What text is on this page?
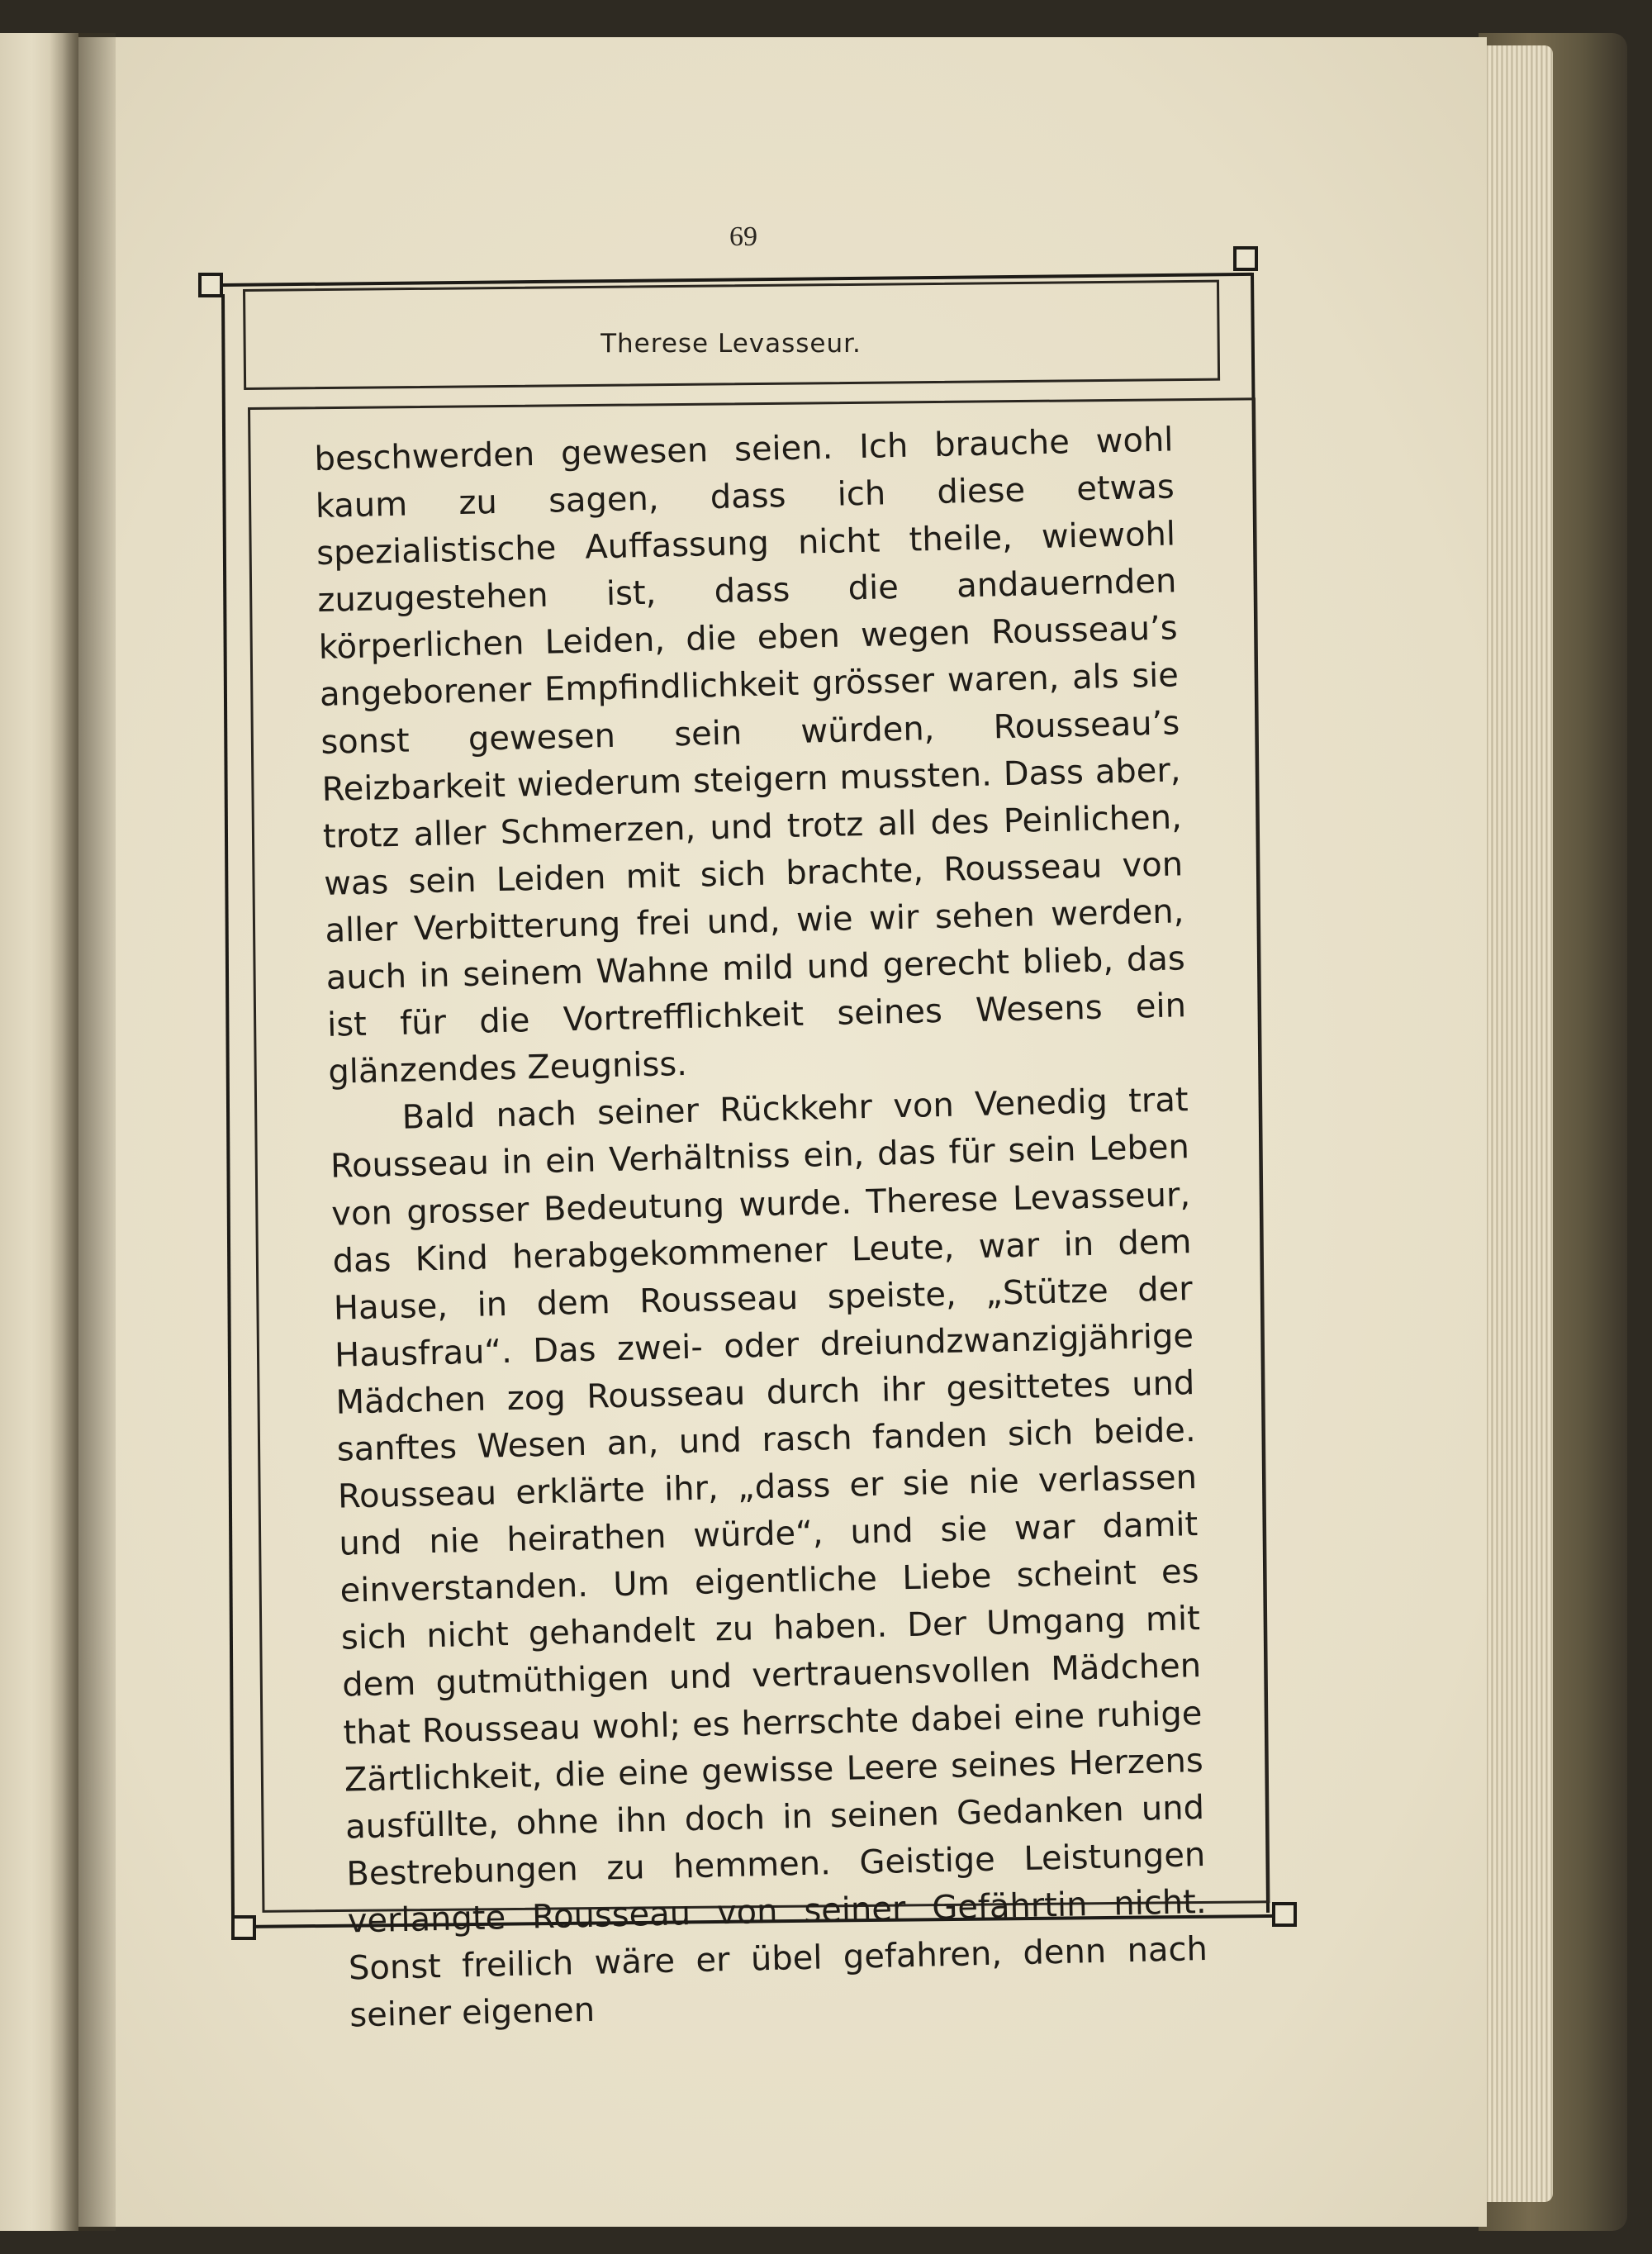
69
Therese Levasseur.

beschwerden gewesen seien. Ich brauche wohl kaum zu sagen, dass ich diese etwas spezialistische Auffassung nicht theile, wiewohl zuzugestehen ist, dass die andauernden körperlichen Leiden, die eben wegen Rousseau’s angeborener Empfindlichkeit grösser waren, als sie sonst gewesen sein würden, Rousseau’s Reizbarkeit wiederum steigern mussten. Dass aber, trotz aller Schmerzen, und trotz all des Peinlichen, was sein Leiden mit sich brachte, Rousseau von aller Verbitterung frei und, wie wir sehen werden, auch in seinem Wahne mild und gerecht blieb, das ist für die Vortrefflichkeit seines Wesens ein glänzendes Zeugniss.

Bald nach seiner Rückkehr von Venedig trat Rousseau in ein Verhältniss ein, das für sein Leben von grosser Bedeutung wurde. Therese Levasseur, das Kind herabgekommener Leute, war in dem Hause, in dem Rousseau speiste, „Stütze der Hausfrau“. Das zwei- oder dreiundzwanzigjährige Mädchen zog Rousseau durch ihr gesittetes und sanftes Wesen an, und rasch fanden sich beide. Rousseau erklärte ihr, „dass er sie nie verlassen und nie heirathen würde“, und sie war damit einverstanden. Um eigentliche Liebe scheint es sich nicht gehandelt zu haben. Der Umgang mit dem gutmüthigen und vertrauensvollen Mädchen that Rousseau wohl; es herrschte dabei eine ruhige Zärtlichkeit, die eine gewisse Leere seines Herzens ausfüllte, ohne ihn doch in seinen Gedanken und Bestrebungen zu hemmen. Geistige Leistungen verlangte Rousseau von seiner Gefährtin nicht. Sonst freilich wäre er übel gefahren, denn nach seiner eigenen
